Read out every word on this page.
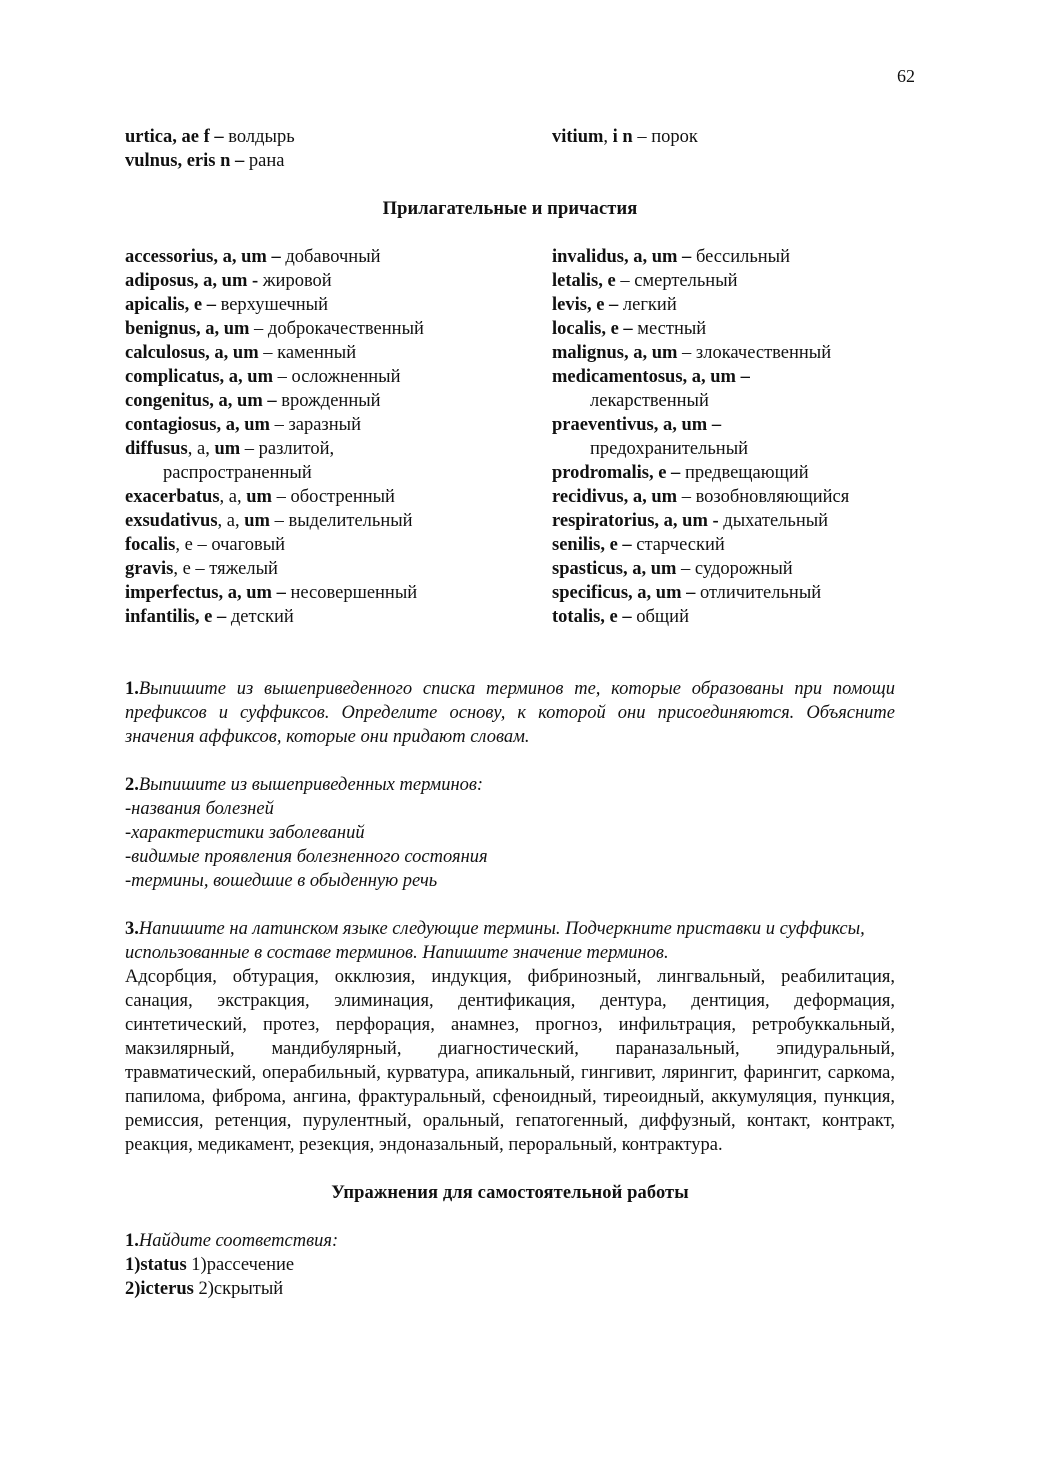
62
urtica, ae f – волдырь
vulnus, eris n – рана
vitium, i n – порок
Прилагательные и причастия
accessorius, a, um – добавочный
adiposus, a, um - жировой
apicalis, e – верхушечный
benignus, a, um – доброкачественный
calculosus, a, um – каменный
complicatus, a, um – осложненный
congenitus, a, um – врожденный
contagiosus, a, um – заразный
diffusus, a, um – разлитой,
распространенный
exacerbatus, a, um – обостренный
exsudativus, a, um – выделительный
focalis, e – очаговый
gravis, e – тяжелый
imperfectus, a, um – несовершенный
infantilis, e – детский
invalidus, a, um – бессильный
letalis, e – смертельный
levis, e – легкий
localis, e – местный
malignus, a, um – злокачественный
medicamentosus, a, um –
лекарственный
praeventivus, a, um –
предохранительный
prodromalis, e – предвещающий
recidivus, a, um – возобновляющийся
respiratorius, a, um - дыхательный
senilis, e – старческий
spasticus, a, um – судорожный
specificus, a, um – отличительный
totalis, e – общий
1.Выпишите из вышеприведенного списка терминов те, которые образованы при помощи префиксов и суффиксов. Определите основу, к которой они присоединяются. Объясните значения аффиксов, которые они придают словам.
2.Выпишите из вышеприведенных терминов:
-названия болезней
-характеристики заболеваний
-видимые проявления болезненного состояния
-термины, вошедшие в обыденную речь
3.Напишите на латинском языке следующие термины. Подчеркните приставки и суффиксы, использованные в составе терминов. Напишите значение терминов.
Адсорбция, обтурация, окклюзия, индукция, фибринозный, лингвальный, реабилитация, санация, экстракция, элиминация, дентификация, дентура, дентиция, деформация, синтетический, протез, перфорация, анамнез, прогноз, инфильтрация, ретробуккальный, макзилярный, мандибулярный, диагностический, параназальный, эпидуральный, травматический, операбильный, курватура, апикальный, гингивит, лярингит, фарингит, саркома, папилома, фиброма, ангина, фрактуральный, сфеноидный, тиреоидный, аккумуляция, пункция, ремиссия, ретенция, пурулентный, оральный, гепатогенный, диффузный, контакт, контракт, реакция, медикамент, резекция, эндоназальный, пероральный, контрактура.
Упражнения для самостоятельной работы
1.Найдите соответствия:
1)status 1)рассечение
2)icterus 2)скрытый
